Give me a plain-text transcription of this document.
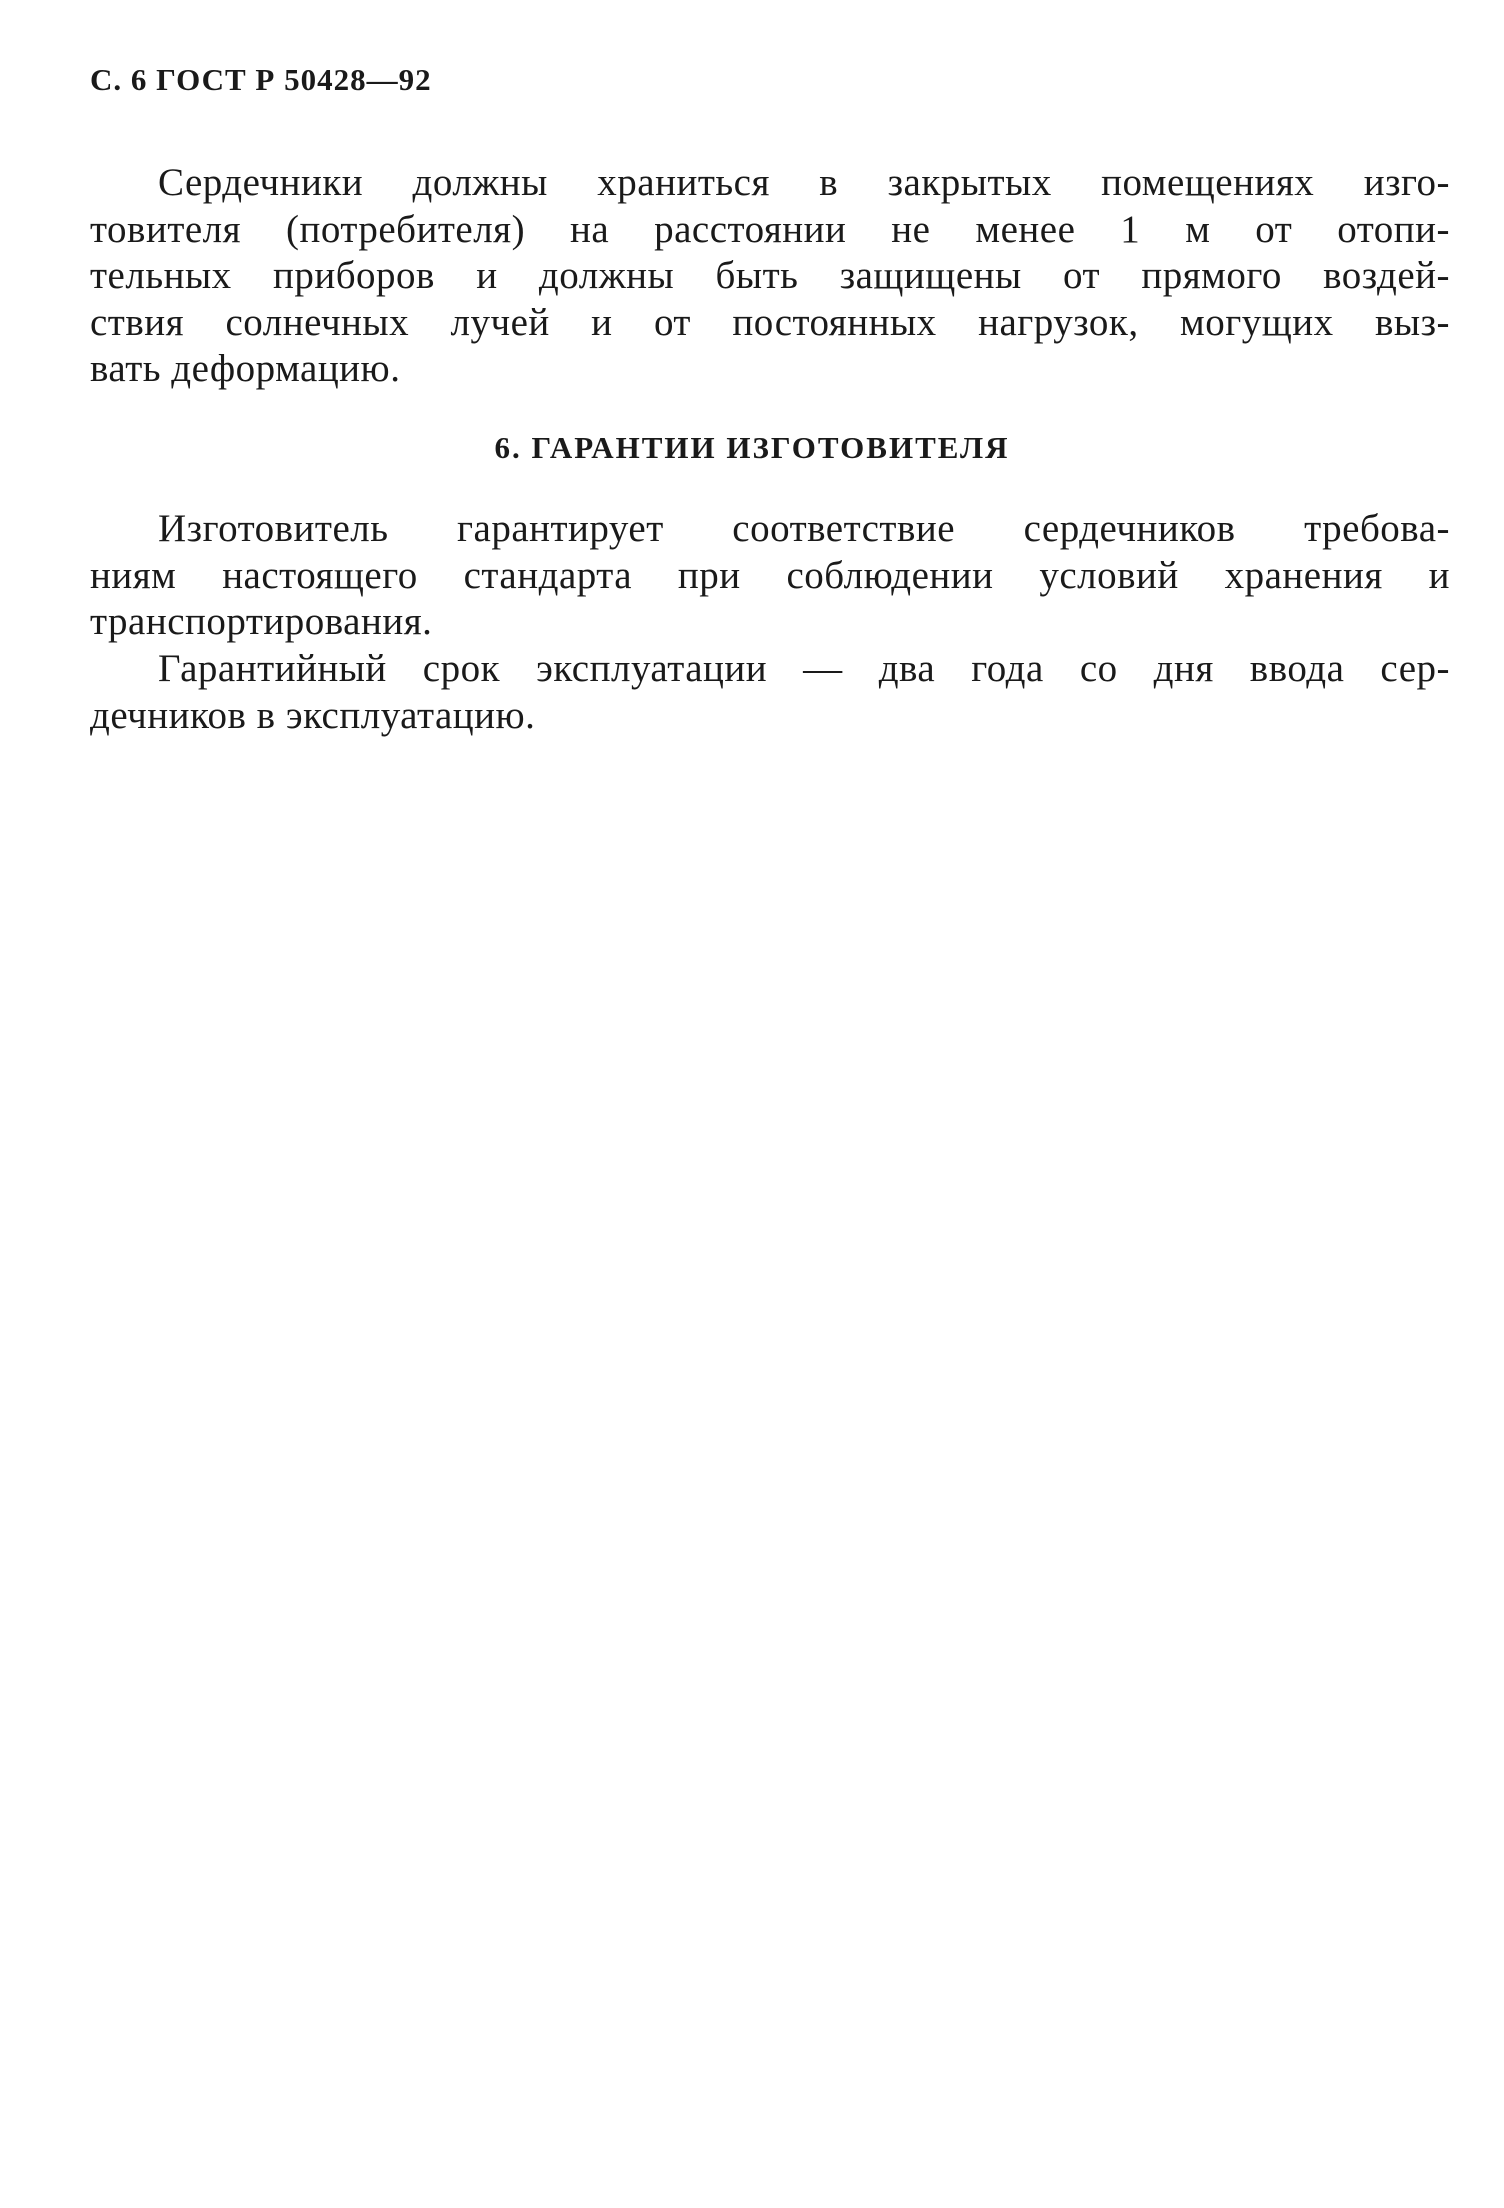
С. 6 ГОСТ Р 50428—92
Сердечники должны храниться в закрытых помещениях изго-
товителя (потребителя) на расстоянии не менее 1 м от отопи-
тельных приборов и должны быть защищены от прямого воздей-
ствия солнечных лучей и от постоянных нагрузок, могущих выз-
вать деформацию.
6. ГАРАНТИИ ИЗГОТОВИТЕЛЯ
Изготовитель гарантирует соответствие сердечников требова-
ниям настоящего стандарта при соблюдении условий хранения и
транспортирования.
Гарантийный срок эксплуатации — два года со дня ввода сер-
дечников в эксплуатацию.
